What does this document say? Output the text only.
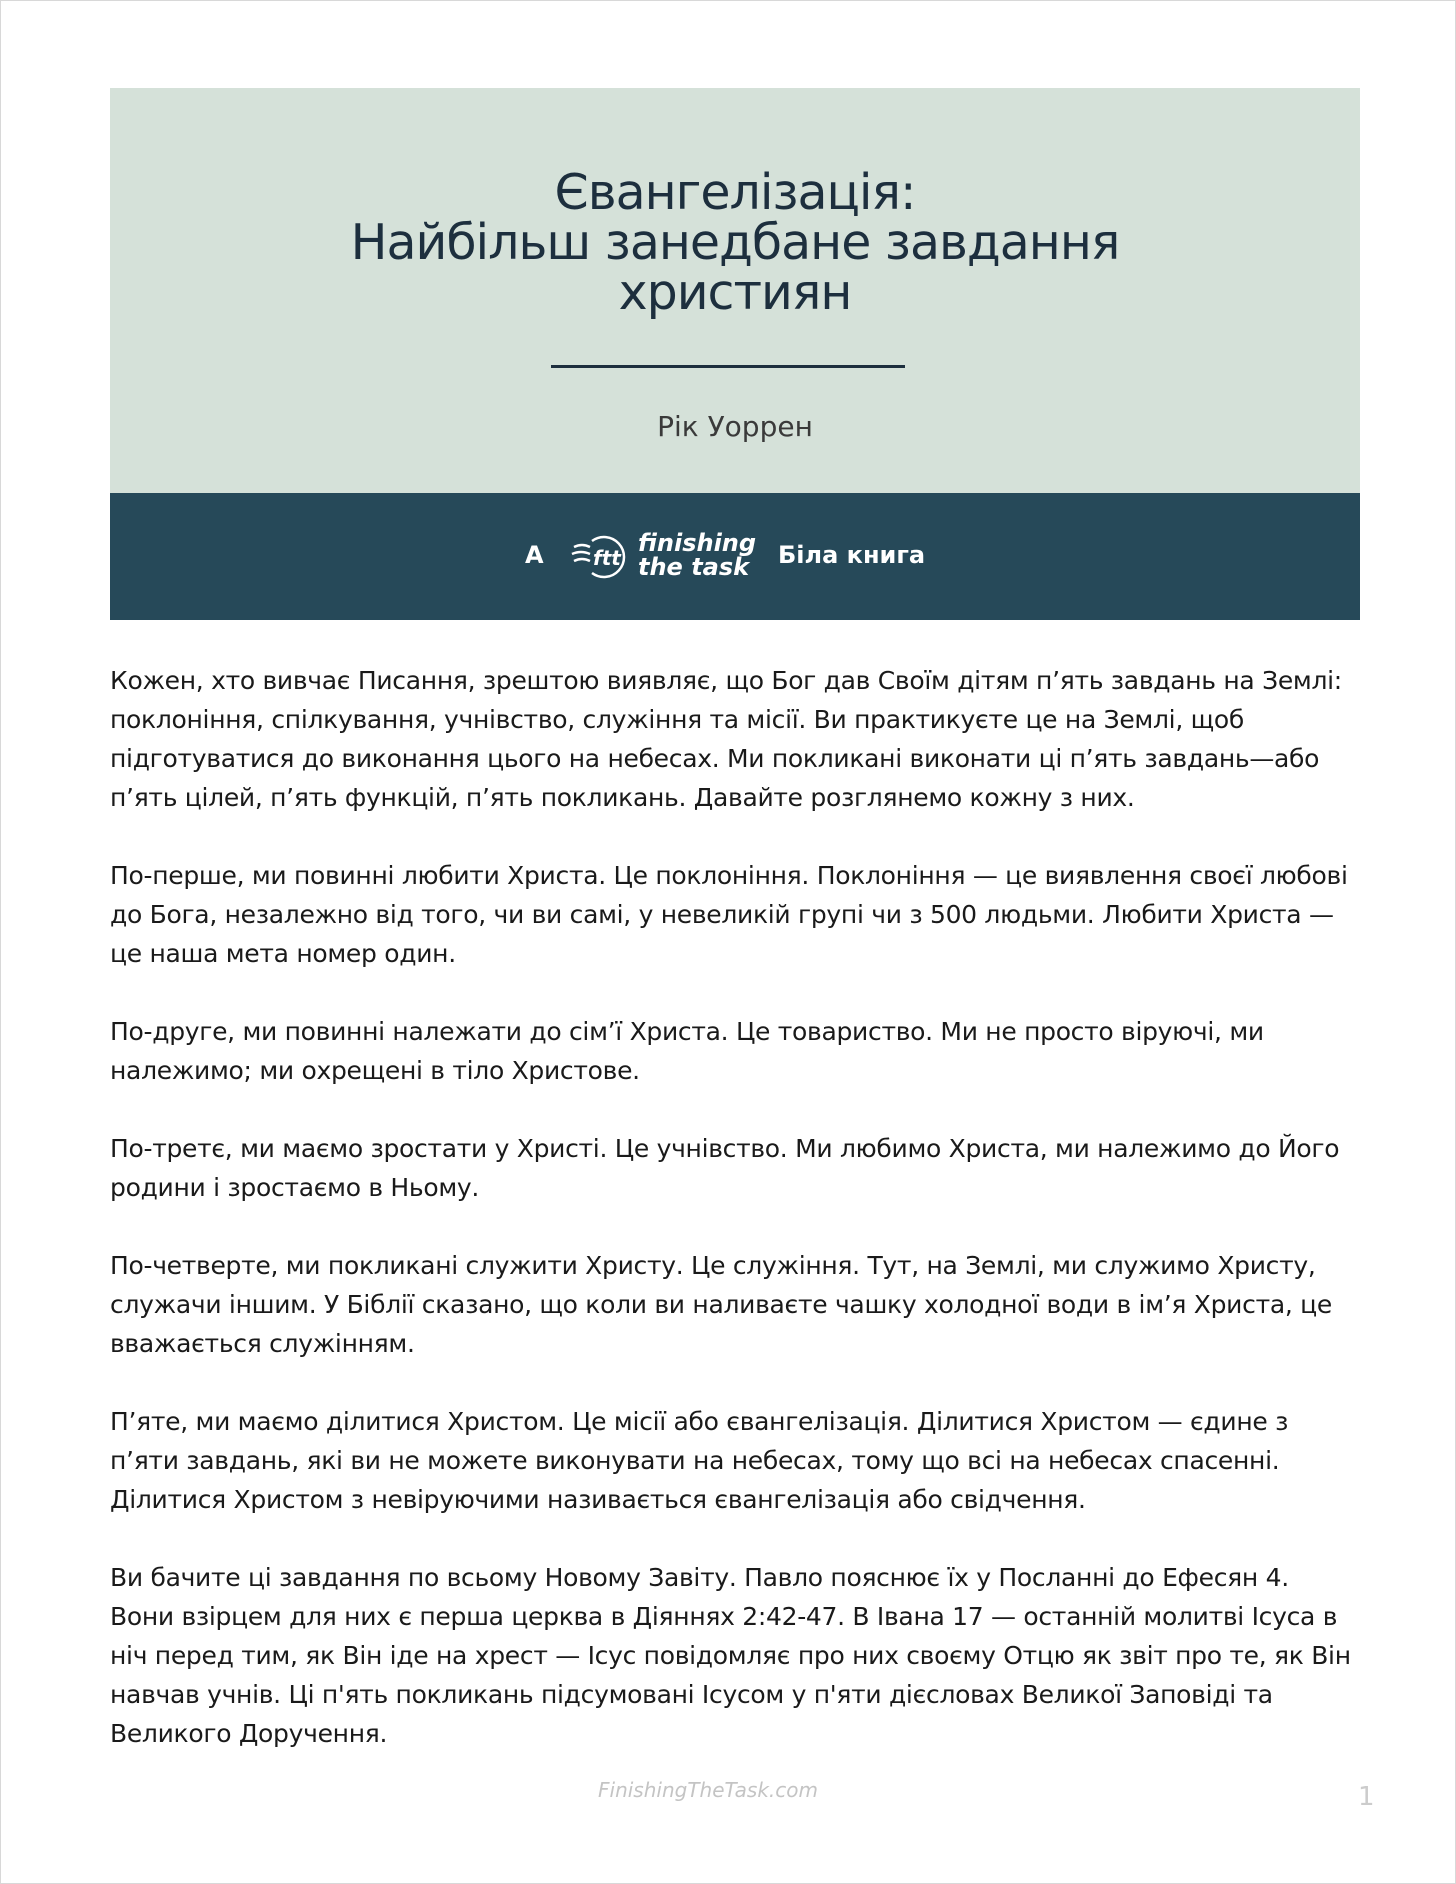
Євангелізація:
Найбільш занедбане завдання
християн
Рік Уоррен
A ftt
finishing
the task Біла книга

Кожен, хто вивчає Писання, зрештою виявляє, що Бог дав Своїм дітям п’ять завдань на Землі: поклоніння, спілкування, учнівство, служіння та місії. Ви практикуєте це на Землі, щоб підготуватися до виконання цього на небесах. Ми покликані виконати ці п’ять завдань—або п’ять цілей, п’ять функцій, п’ять покликань. Давайте розглянемо кожну з них.

По-перше, ми повинні любити Христа. Це поклоніння. Поклоніння — це виявлення своєї любові до Бога, незалежно від того, чи ви самі, у невеликій групі чи з 500 людьми. Любити Христа — це наша мета номер один.

По-друге, ми повинні належати до сім’ї Христа. Це товариство. Ми не просто віруючі, ми належимо; ми охрещені в тіло Христове.

По-третє, ми маємо зростати у Христі. Це учнівство. Ми любимо Христа, ми належимо до Його родини і зростаємо в Ньому.

По-четверте, ми покликані служити Христу. Це служіння. Тут, на Землі, ми служимо Христу, служачи іншим. У Біблії сказано, що коли ви наливаєте чашку холодної води в ім’я Христа, це вважається служінням.

П’яте, ми маємо ділитися Христом. Це місії або євангелізація. Ділитися Христом — єдине з п’яти завдань, які ви не можете виконувати на небесах, тому що всі на небесах спасенні. Ділитися Христом з невіруючими називається євангелізація або свідчення.

Ви бачите ці завдання по всьому Новому Завіту. Павло пояснює їх у Посланні до Ефесян 4. Вони взірцем для них є перша церква в Діяннях 2:42-47. В Івана 17 — останній молитві Ісуса в ніч перед тим, як Він іде на хрест — Ісус повідомляє про них своєму Отцю як звіт про те, як Він навчав учнів. Ці п'ять покликань підсумовані Ісусом у п'яти дієсловах Великої Заповіді та Великого Доручення.

FinishingTheTask.com	1
